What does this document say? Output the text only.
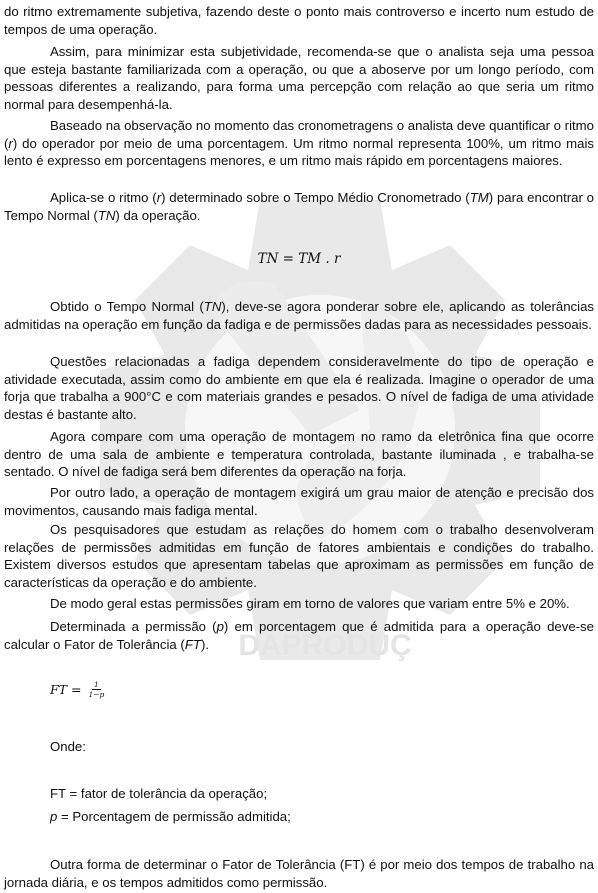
DAPRODUÇ

do ritmo extremamente subjetiva, fazendo deste o ponto mais controverso e incerto num estudo de tempos de uma operação.

Assim, para minimizar esta subjetividade, recomenda-se que o analista seja uma pessoa que esteja bastante familiarizada com a operação, ou que a aboserve por um longo período, com pessoas diferentes a realizando, para forma uma percepção com relação ao que seria um ritmo normal para desempenhá-la.

Baseado na observação no momento das cronometragens o analista deve quantificar o ritmo (r) do operador por meio de uma porcentagem. Um ritmo normal representa 100%, um ritmo mais lento é expresso em porcentagens menores, e um ritmo mais rápido em porcentagens maiores.

Aplica-se o ritmo (r) determinado sobre o Tempo Médio Cronometrado (TM) para encontrar o Tempo Normal (TN) da operação.

TN = TM . r

Obtido o Tempo Normal (TN), deve-se agora ponderar sobre ele, aplicando as tolerâncias admitidas na operação em função da fadiga e de permissões dadas para as necessidades pessoais.

Questões relacionadas a fadiga dependem consideravelmente do tipo de operação e atividade executada, assim como do ambiente em que ela é realizada. Imagine o operador de uma forja que trabalha a 900°C e com materiais grandes e pesados. O nível de fadiga de uma atividade destas é bastante alto.

Agora compare com uma operação de montagem no ramo da eletrônica fina que ocorre dentro de uma sala de ambiente e temperatura controlada, bastante iluminada , e trabalha-se sentado. O nível de fadiga será bem diferentes da operação na forja.

Por outro lado, a operação de montagem exigirá um grau maior de atenção e precisão dos movimentos, causando mais fadiga mental.

Os pesquisadores que estudam as relações do homem com o trabalho desenvolveram relações de permissões admitidas em função de fatores ambientais e condições do trabalho. Existem diversos estudos que apresentam tabelas que aproximam as permissões em função de características da operação e do ambiente.

De modo geral estas permissões giram em torno de valores que variam entre 5% e 20%.

Determinada a permissão (p) em porcentagem que é admitida para a operação deve-se calcular o Fator de Tolerância (FT).

FT = $\frac{1}{1-p}$
Onde:
FT = fator de tolerância da operação;
p = Porcentagem de permissão admitida;

Outra forma de determinar o Fator de Tolerância (FT) é por meio dos tempos de trabalho na jornada diária, e os tempos admitidos como permissão.
